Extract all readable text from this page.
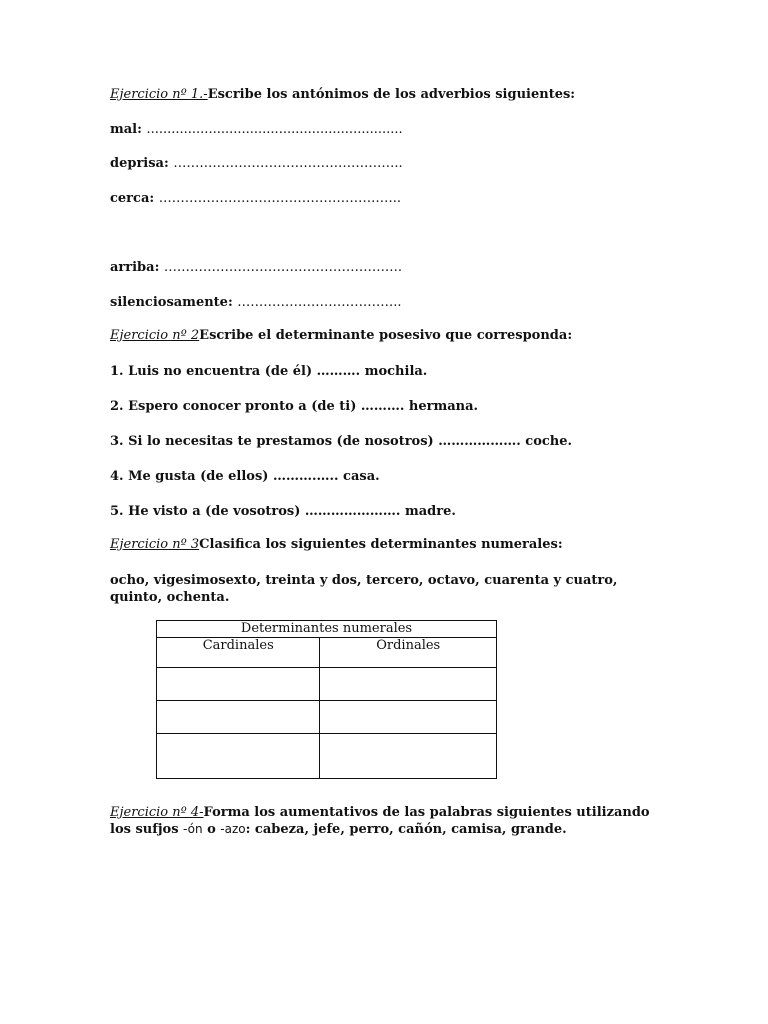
Ejercicio nº 1.-Escribe los antónimos de los adverbios siguientes:
mal: ..............................................................
deprisa: ……………………………………………..
cerca: ………………………………………………..
arriba: ……………………………………………….
silenciosamente: ………………………………..
Ejercicio nº 2Escribe el determinante posesivo que corresponda:
1. Luis no encuentra (de él) ………. mochila.
2. Espero conocer pronto a (de ti) ………. hermana.
3. Si lo necesitas te prestamos (de nosotros) ………………. coche.
4. Me gusta (de ellos) ……….….. casa.
5. He visto a (de vosotros) …………………. madre.
Ejercicio nº 3Clasifica los siguientes determinantes numerales:
ocho, vigesimosexto, treinta y dos, tercero, octavo, cuarenta y cuatro, quinto, ochenta.
Determinantes numerales	
Cardinales	Ordinales

Ejercicio nº 4-Forma los aumentativos de las palabras siguientes utilizando los sufjos -ón o -azo: cabeza, jefe, perro, cañón, camisa, grande.
